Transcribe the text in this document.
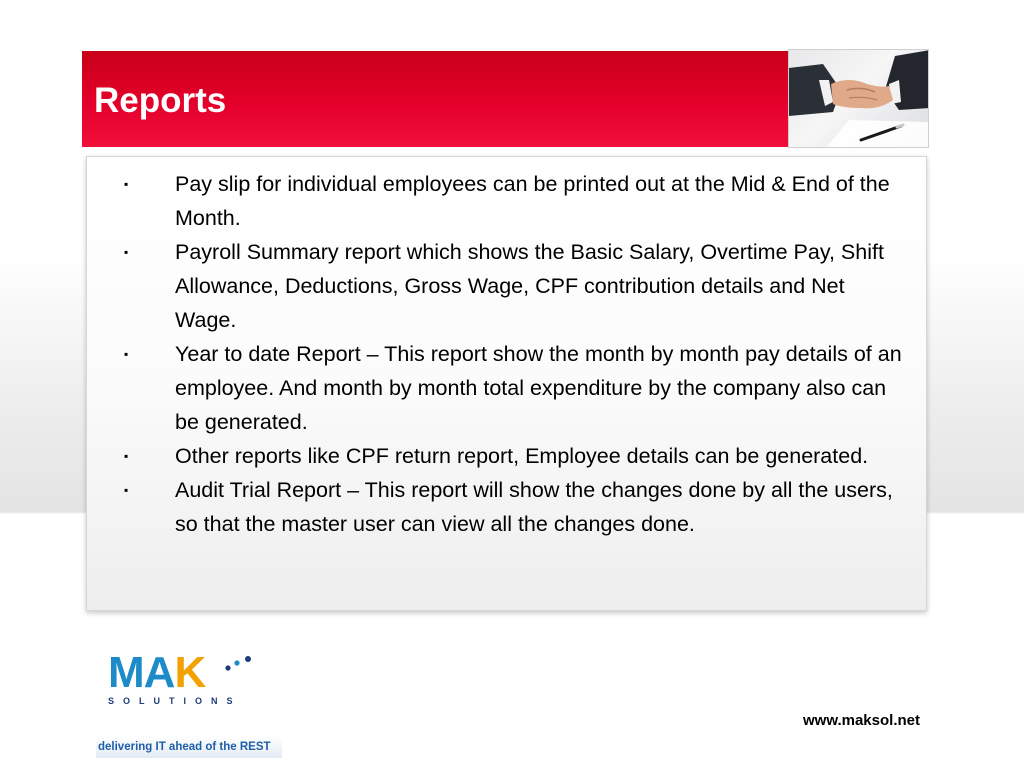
Reports
▪ Pay slip for individual employees can be printed out at the Mid & End of the Month.
▪ Payroll Summary report which shows the Basic Salary, Overtime Pay, Shift Allowance, Deductions, Gross Wage, CPF contribution details and Net Wage.
▪ Year to date Report – This report show the month by month pay details of an employee. And month by month total expenditure by the company also can be generated.
▪ Other reports like CPF return report, Employee details can be generated.
▪ Audit Trial Report – This report will show the changes done by all the users, so that the master user can view all the changes done.
MAK
SOLUTIONS
delivering IT ahead of the REST
www.maksol.net
